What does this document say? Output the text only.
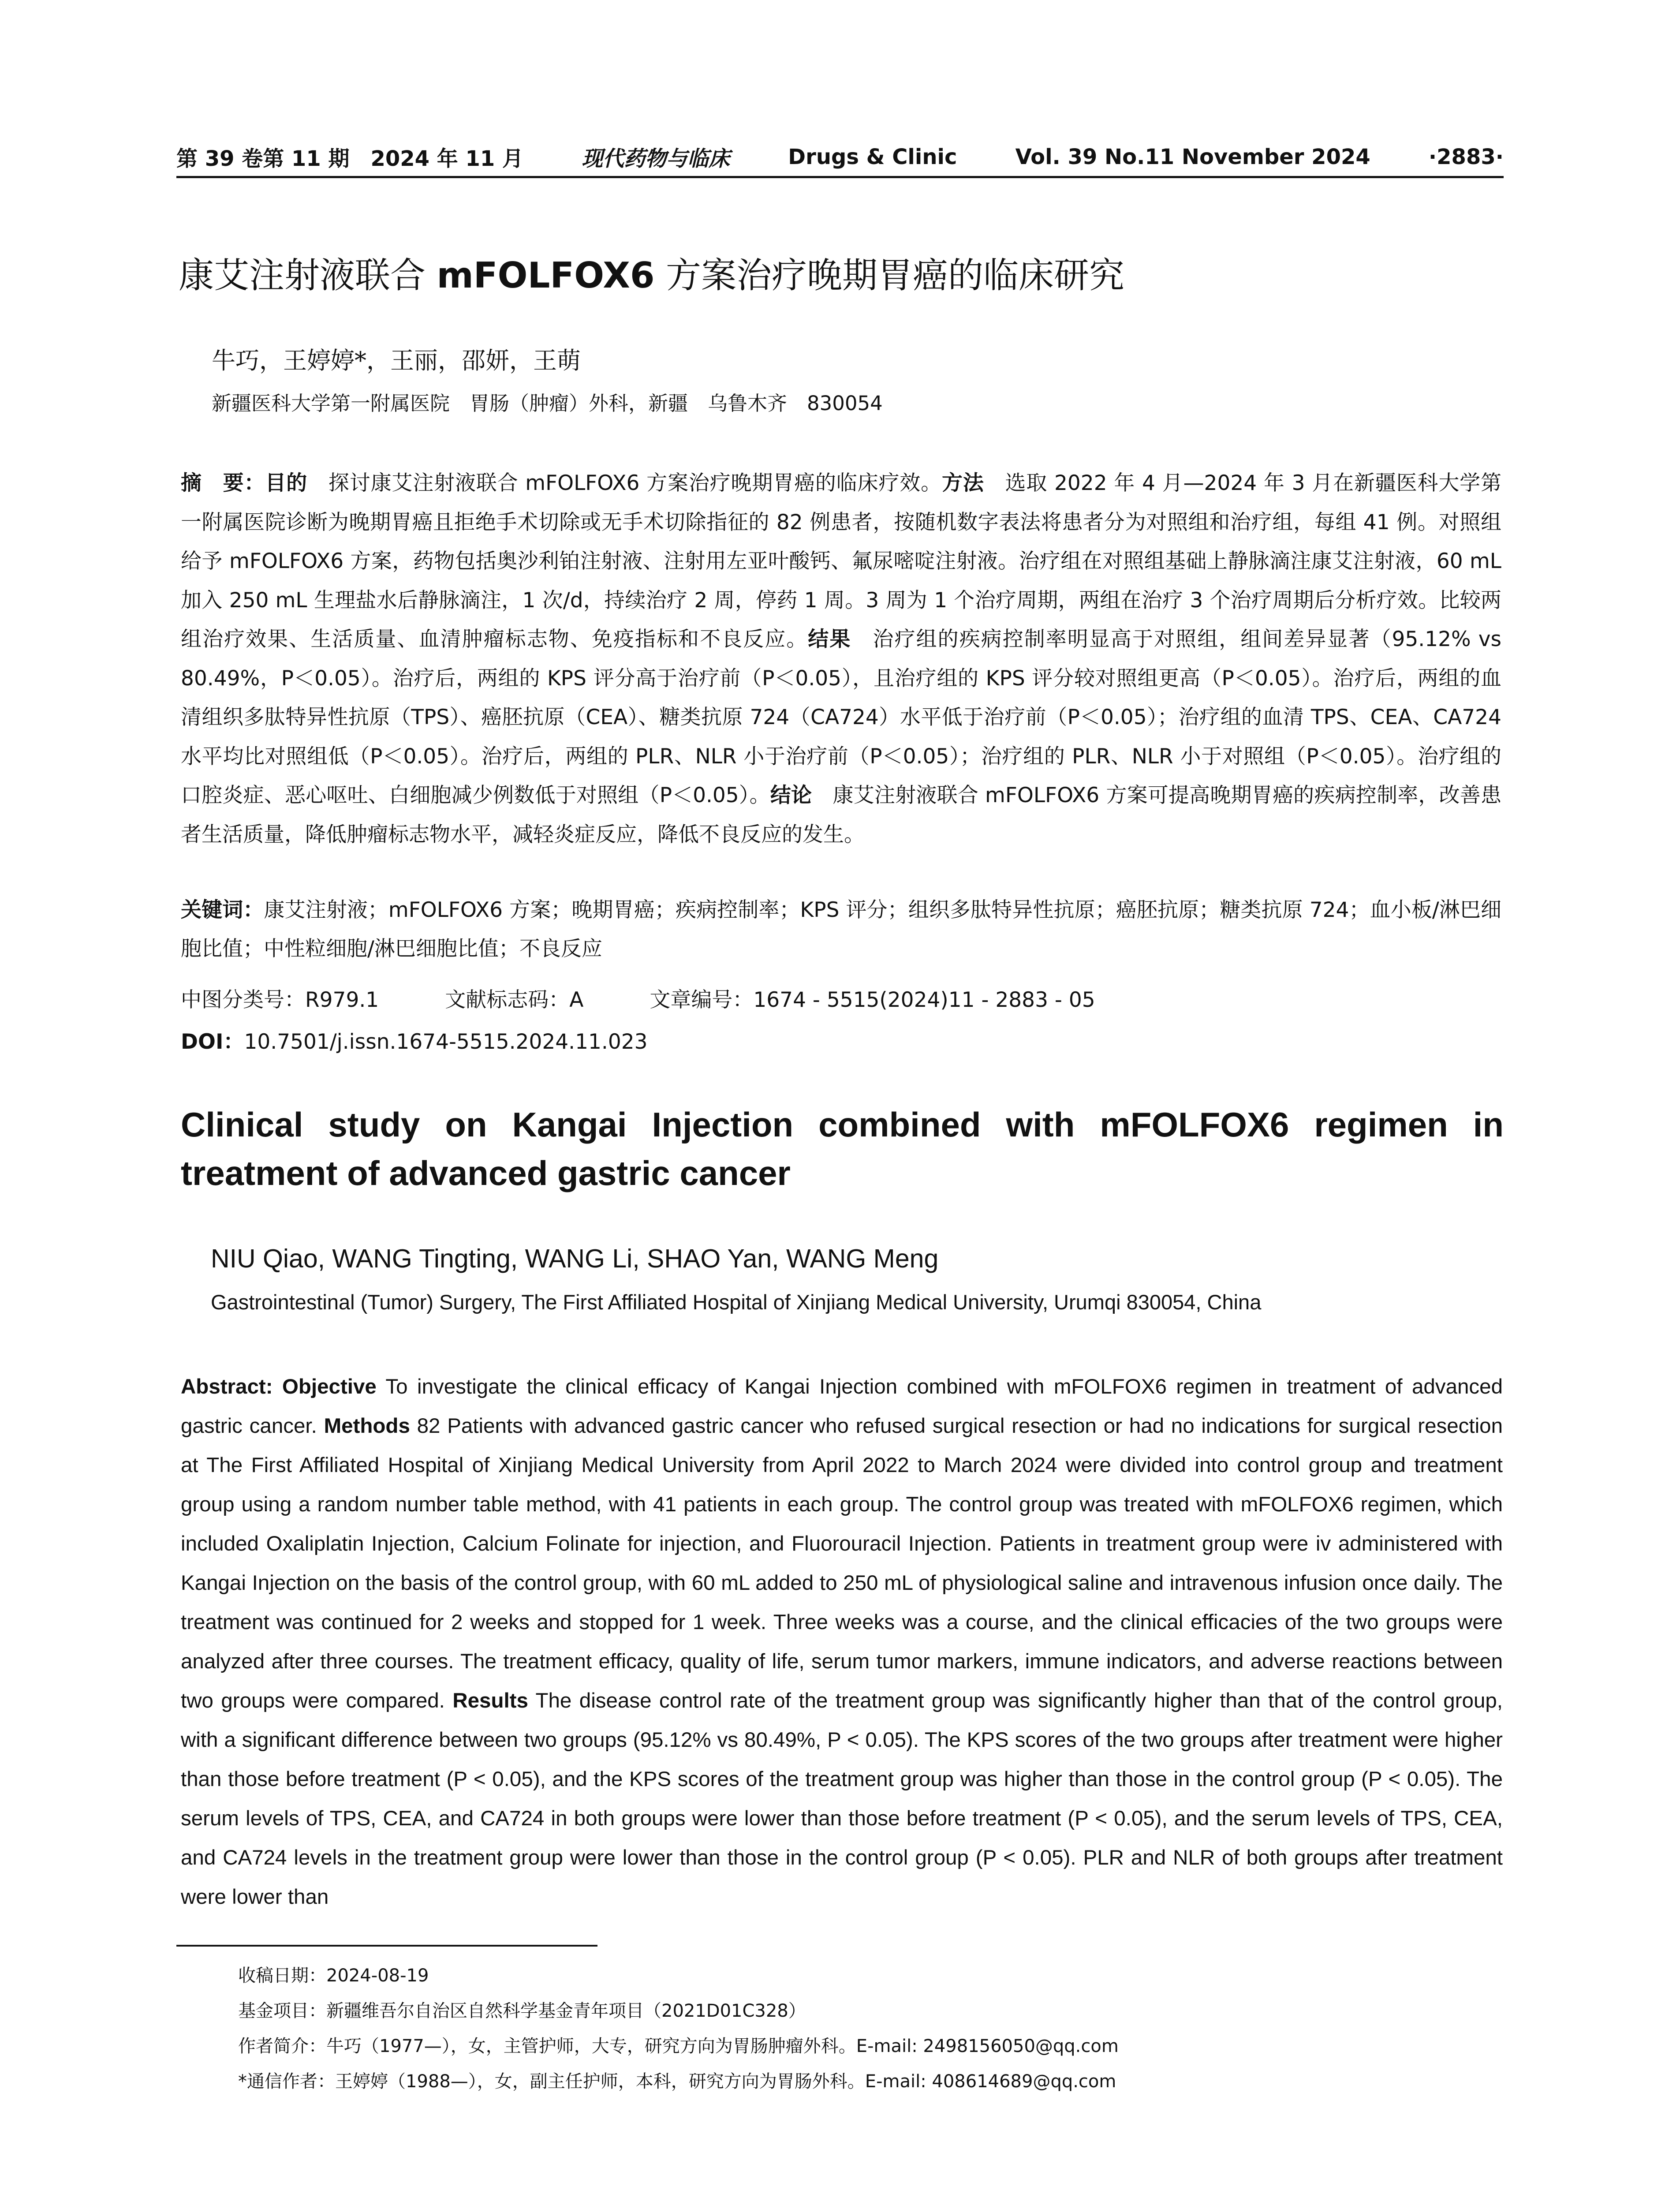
第 39 卷第 11 期　2024 年 11 月	现代药物与临床	Drugs & Clinic	Vol. 39 No.11 November 2024	·2883·
康艾注射液联合 mFOLFOX6 方案治疗晚期胃癌的临床研究
牛巧，王婷婷*，王丽，邵妍，王萌
新疆医科大学第一附属医院　胃肠（肿瘤）外科，新疆　乌鲁木齐　830054
摘　要：目的　探讨康艾注射液联合 mFOLFOX6 方案治疗晚期胃癌的临床疗效。方法　选取 2022 年 4 月—2024 年 3 月在新疆医科大学第一附属医院诊断为晚期胃癌且拒绝手术切除或无手术切除指征的 82 例患者，按随机数字表法将患者分为对照组和治疗组，每组 41 例。对照组给予 mFOLFOX6 方案，药物包括奥沙利铂注射液、注射用左亚叶酸钙、氟尿嘧啶注射液。治疗组在对照组基础上静脉滴注康艾注射液，60 mL 加入 250 mL 生理盐水后静脉滴注，1 次/d，持续治疗 2 周，停药 1 周。3 周为 1 个治疗周期，两组在治疗 3 个治疗周期后分析疗效。比较两组治疗效果、生活质量、血清肿瘤标志物、免疫指标和不良反应。结果　治疗组的疾病控制率明显高于对照组，组间差异显著（95.12% vs 80.49%，P＜0.05）。治疗后，两组的 KPS 评分高于治疗前（P＜0.05），且治疗组的 KPS 评分较对照组更高（P＜0.05）。治疗后，两组的血清组织多肽特异性抗原（TPS）、癌胚抗原（CEA）、糖类抗原 724（CA724）水平低于治疗前（P＜0.05）；治疗组的血清 TPS、CEA、CA724 水平均比对照组低（P＜0.05）。治疗后，两组的 PLR、NLR 小于治疗前（P＜0.05）；治疗组的 PLR、NLR 小于对照组（P＜0.05）。治疗组的口腔炎症、恶心呕吐、白细胞减少例数低于对照组（P＜0.05）。结论　康艾注射液联合 mFOLFOX6 方案可提高晚期胃癌的疾病控制率，改善患者生活质量，降低肿瘤标志物水平，减轻炎症反应，降低不良反应的发生。
关键词：康艾注射液；mFOLFOX6 方案；晚期胃癌；疾病控制率；KPS 评分；组织多肽特异性抗原；癌胚抗原；糖类抗原 724；血小板/淋巴细胞比值；中性粒细胞/淋巴细胞比值；不良反应
中图分类号：R979.1	文献标志码：A	文章编号：1674 - 5515(2024)11 - 2883 - 05
DOI：10.7501/j.issn.1674-5515.2024.11.023
Clinical study on Kangai Injection combined with mFOLFOX6 regimen in treatment of advanced gastric cancer
NIU Qiao, WANG Tingting, WANG Li, SHAO Yan, WANG Meng
Gastrointestinal (Tumor) Surgery, The First Affiliated Hospital of Xinjiang Medical University, Urumqi 830054, China
Abstract: Objective To investigate the clinical efficacy of Kangai Injection combined with mFOLFOX6 regimen in treatment of advanced gastric cancer. Methods 82 Patients with advanced gastric cancer who refused surgical resection or had no indications for surgical resection at The First Affiliated Hospital of Xinjiang Medical University from April 2022 to March 2024 were divided into control group and treatment group using a random number table method, with 41 patients in each group. The control group was treated with mFOLFOX6 regimen, which included Oxaliplatin Injection, Calcium Folinate for injection, and Fluorouracil Injection. Patients in treatment group were iv administered with Kangai Injection on the basis of the control group, with 60 mL added to 250 mL of physiological saline and intravenous infusion once daily. The treatment was continued for 2 weeks and stopped for 1 week. Three weeks was a course, and the clinical efficacies of the two groups were analyzed after three courses. The treatment efficacy, quality of life, serum tumor markers, immune indicators, and adverse reactions between two groups were compared. Results The disease control rate of the treatment group was significantly higher than that of the control group, with a significant difference between two groups (95.12% vs 80.49%, P < 0.05). The KPS scores of the two groups after treatment were higher than those before treatment (P < 0.05), and the KPS scores of the treatment group was higher than those in the control group (P < 0.05). The serum levels of TPS, CEA, and CA724 in both groups were lower than those before treatment (P < 0.05), and the serum levels of TPS, CEA, and CA724 levels in the treatment group were lower than those in the control group (P < 0.05). PLR and NLR of both groups after treatment were lower than
收稿日期：2024-08-19
基金项目：新疆维吾尔自治区自然科学基金青年项目（2021D01C328）
作者简介：牛巧（1977—），女，主管护师，大专，研究方向为胃肠肿瘤外科。E-mail: 2498156050@qq.com
*通信作者：王婷婷（1988—），女，副主任护师，本科，研究方向为胃肠外科。E-mail: 408614689@qq.com
